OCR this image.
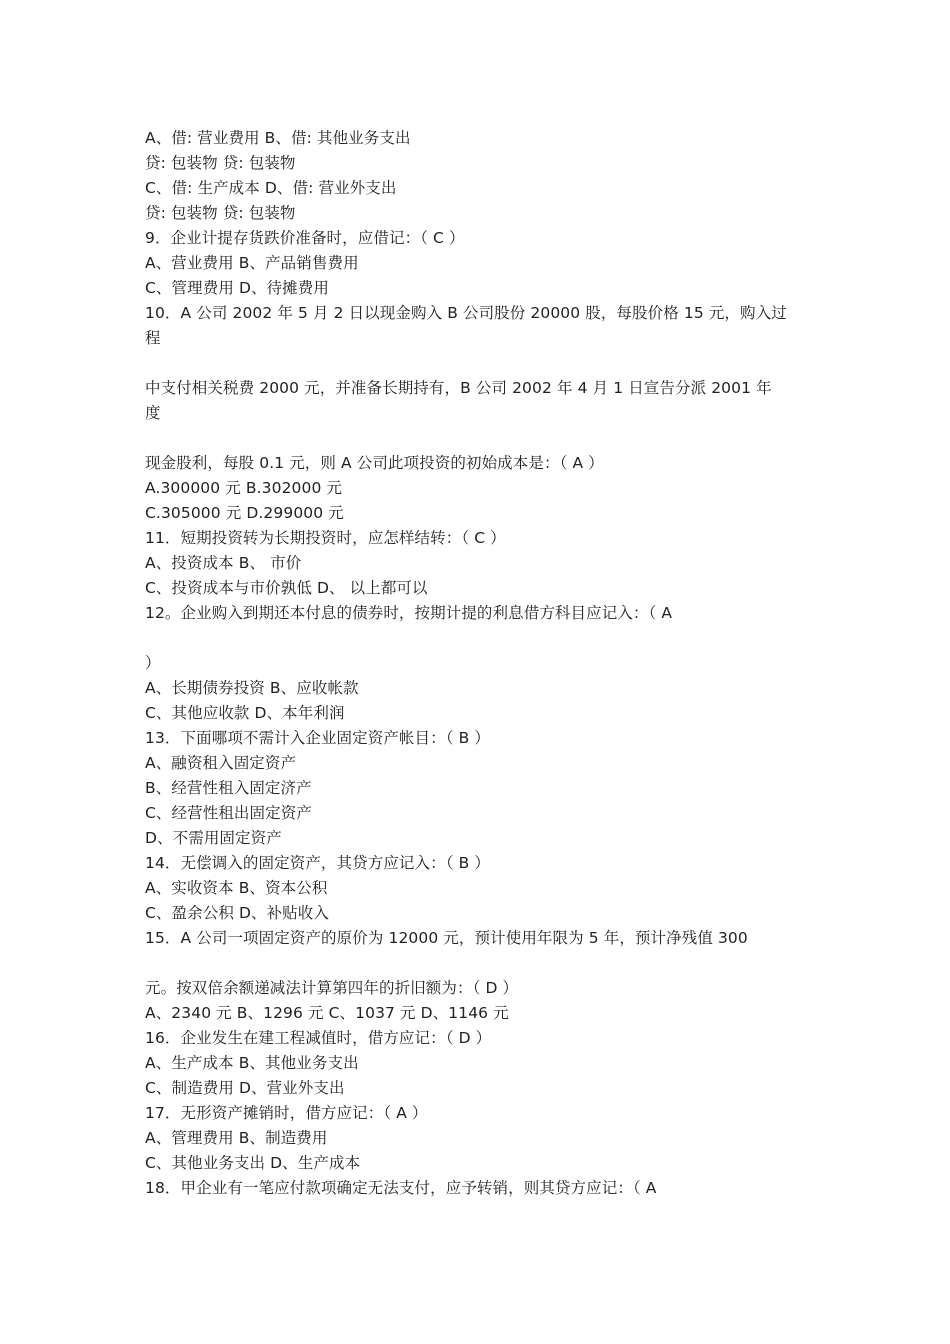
A、借: 营业费用 B、借: 其他业务支出
贷: 包装物 贷: 包装物
C、借: 生产成本 D、借: 营业外支出
贷: 包装物 贷: 包装物
9．企业计提存货跌价准备时，应借记：（ C ）
A、营业费用 B、产品销售费用
C、管理费用 D、待摊费用
10．A 公司 2002 年 5 月 2 日以现金购入 B 公司股份 20000 股，每股价格 15 元，购入过
程
中支付相关税费 2000 元，并准备长期持有，B 公司 2002 年 4 月 1 日宣告分派 2001 年
度
现金股利，每股 0.1 元，则 A 公司此项投资的初始成本是：（ A ）
A.300000 元 B.302000 元
C.305000 元 D.299000 元
11．短期投资转为长期投资时，应怎样结转：（ C ）
A、投资成本 B、 市价
C、投资成本与市价孰低 D、 以上都可以
12。企业购入到期还本付息的债券时，按期计提的利息借方科目应记入：（ A
）
A、长期债券投资 B、应收帐款
C、其他应收款 D、本年利润
13．下面哪项不需计入企业固定资产帐目：（ B ）
A、融资租入固定资产
B、经营性租入固定济产
C、经营性租出固定资产
D、不需用固定资产
14．无偿调入的固定资产，其贷方应记入：（ B ）
A、实收资本 B、资本公积
C、盈余公积 D、补贴收入
15．A 公司一项固定资产的原价为 12000 元，预计使用年限为 5 年，预计净残值 300
元。按双倍余额递减法计算第四年的折旧额为：（ D ）
A、2340 元 B、1296 元 C、1037 元 D、1146 元
16．企业发生在建工程减值时，借方应记：（ D ）
A、生产成本 B、其他业务支出
C、制造费用 D、营业外支出
17．无形资产摊销时，借方应记：（ A ）
A、管理费用 B、制造费用
C、其他业务支出 D、生产成本
18．甲企业有一笔应付款项确定无法支付，应予转销，则其贷方应记：（ A
